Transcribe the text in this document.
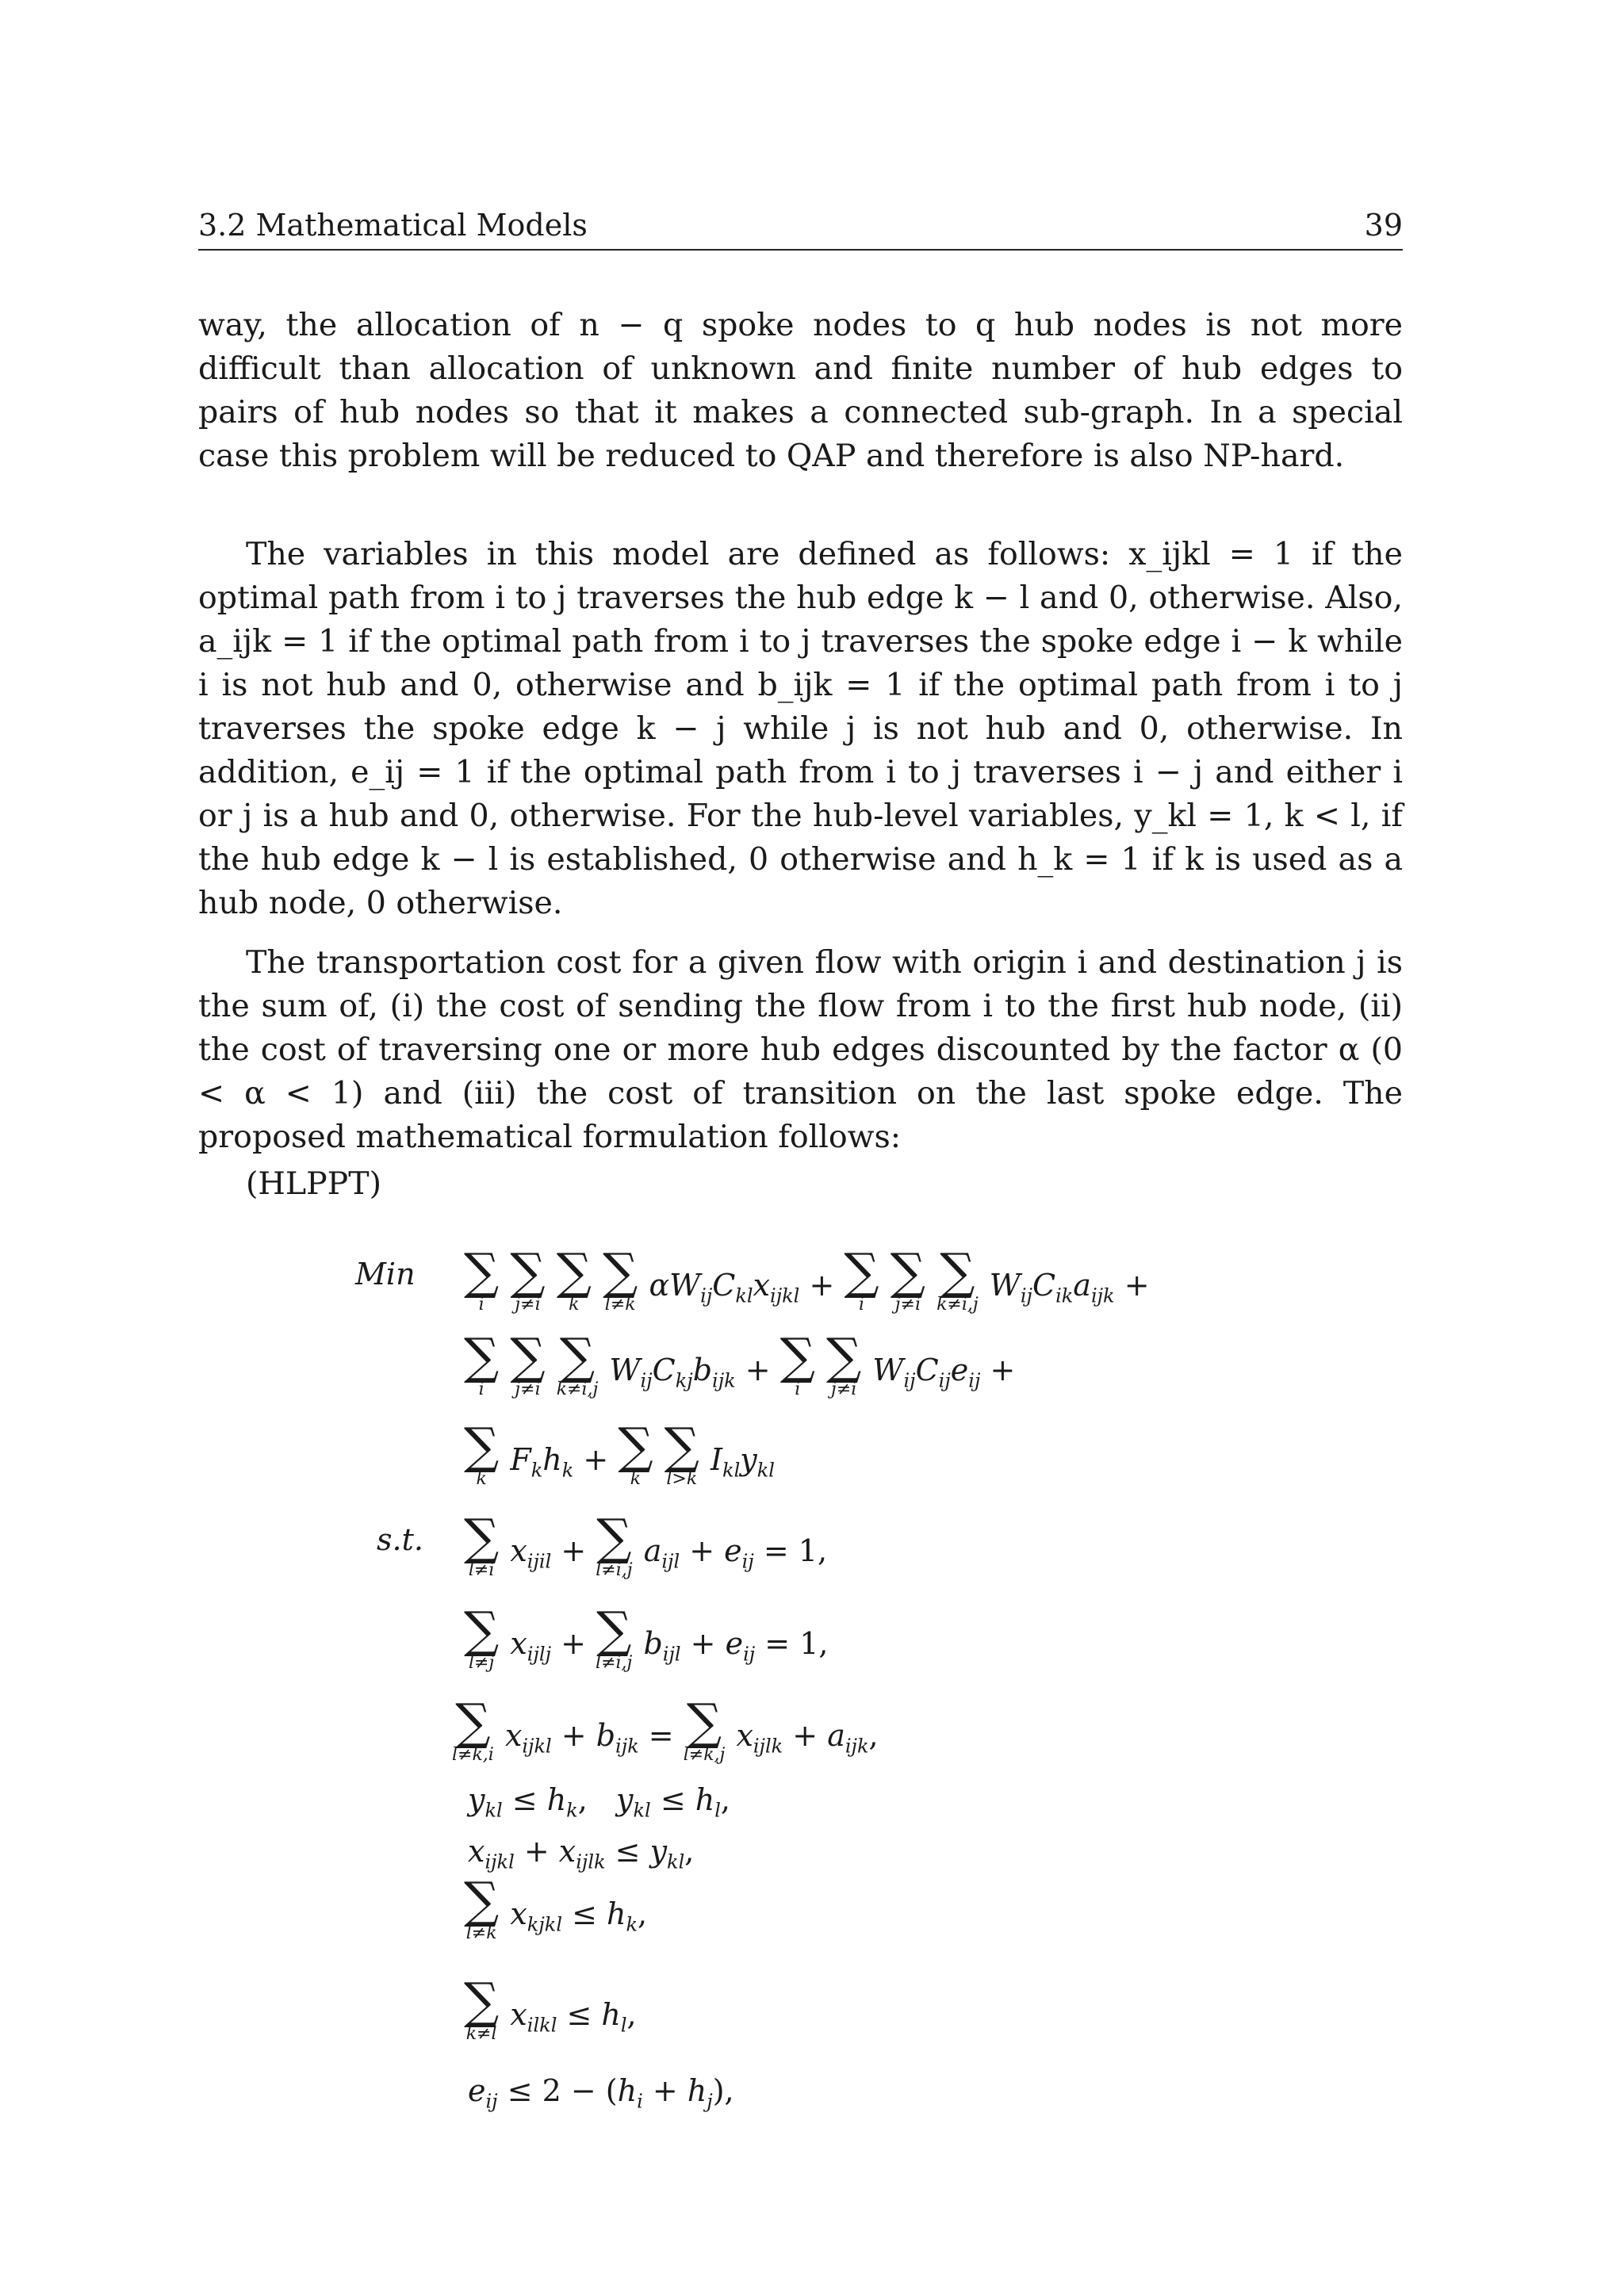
3.2 Mathematical Models	39
way, the allocation of n − q spoke nodes to q hub nodes is not more difficult than allocation of unknown and finite number of hub edges to pairs of hub nodes so that it makes a connected sub-graph. In a special case this problem will be reduced to QAP and therefore is also NP-hard.
The variables in this model are defined as follows: x_ijkl = 1 if the optimal path from i to j traverses the hub edge k − l and 0, otherwise. Also, a_ijk = 1 if the optimal path from i to j traverses the spoke edge i − k while i is not hub and 0, otherwise and b_ijk = 1 if the optimal path from i to j traverses the spoke edge k − j while j is not hub and 0, otherwise. In addition, e_ij = 1 if the optimal path from i to j traverses i − j and either i or j is a hub and 0, otherwise. For the hub-level variables, y_kl = 1, k < l, if the hub edge k − l is established, 0 otherwise and h_k = 1 if k is used as a hub node, 0 otherwise.
The transportation cost for a given flow with origin i and destination j is the sum of, (i) the cost of sending the flow from i to the first hub node, (ii) the cost of traversing one or more hub edges discounted by the factor α (0 < α < 1) and (iii) the cost of transition on the last spoke edge. The proposed mathematical formulation follows:
(HLPPT)
Min ∑
i

∑
j≠i

∑
k

∑
l≠k
$\alpha W_{ij}C_{kl}x_{ijkl}$ + ∑
i

∑
j≠i

∑
k≠i,j
$W_{ij}C_{ik}a_{ijk}$ +
∑
i

∑
j≠i

∑
k≠i,j
$W_{ij}C_{kj}b_{ijk}$ + ∑
i

∑
j≠i
$W_{ij}C_{ij}e_{ij}$ +
∑
k
$F_kh_k$ + ∑
k

∑
l>k
$I_{kl}y_{kl}$
s.t. ∑
l≠i
$x_{ijil}$ + ∑
l≠i,j
$a_{ijl} + e_{ij} = 1$,
∑
l≠j
$x_{ijlj}$ + ∑
l≠i,j
$b_{ijl} + e_{ij} = 1$,
∑
l≠k,i
$x_{ijkl} + b_{ijk}$ = ∑
l≠k,j
$x_{ijlk} + a_{ijk}$,
$y_{kl} \le h_k$,   $y_{kl} \le h_l$,
$x_{ijkl} + x_{ijlk} \le y_{kl}$,
∑
l≠k
$x_{kjkl} \le h_k$,
∑
k≠l
$x_{ilkl} \le h_l$,
$e_{ij} \le 2 - (h_i + h_j)$,
